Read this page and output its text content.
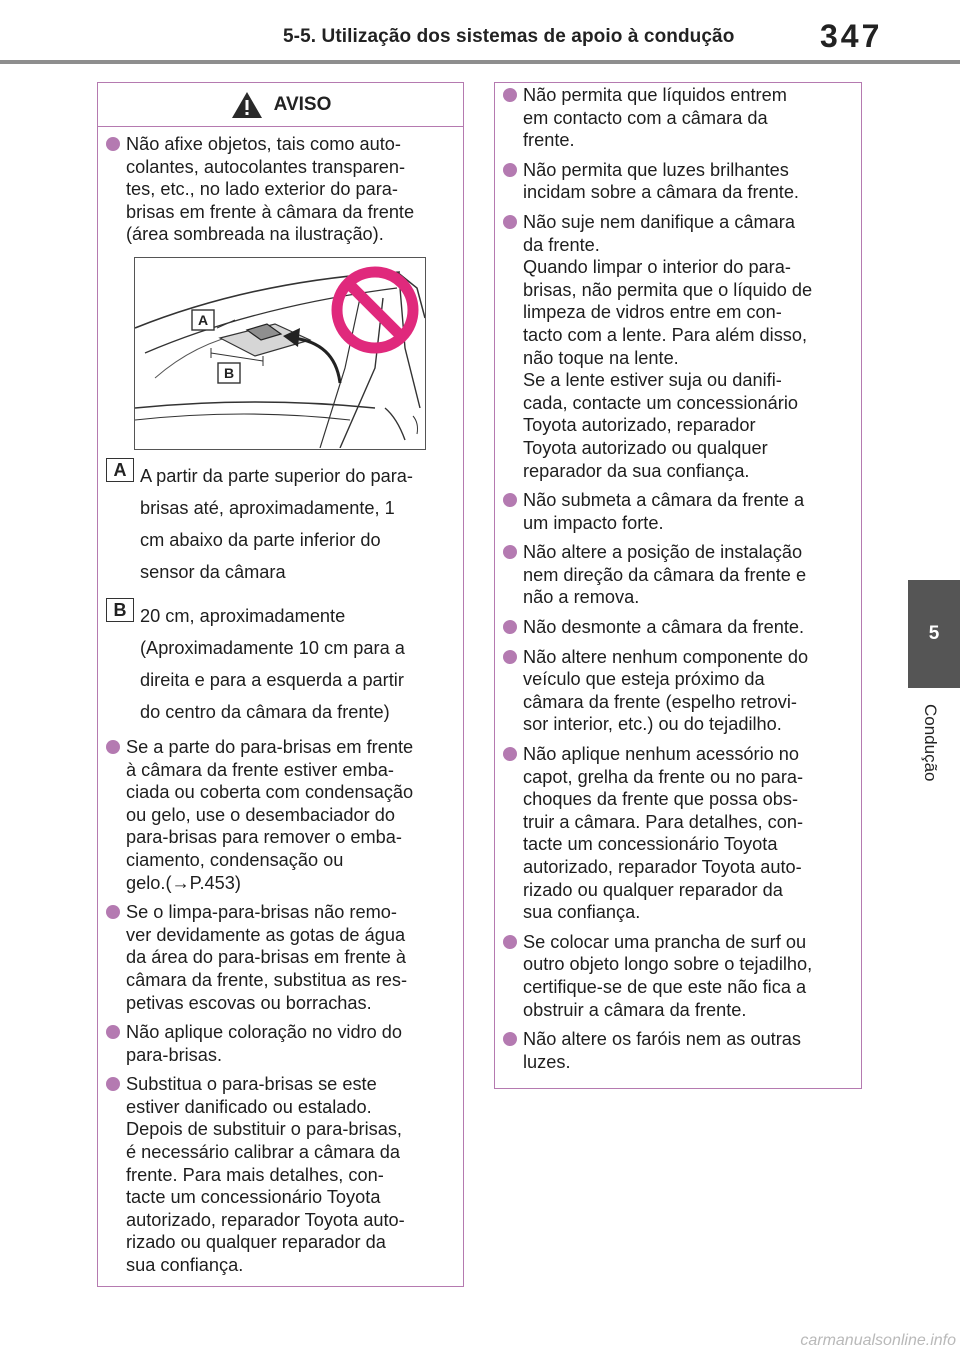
5-5. Utilização dos sistemas de apoio à condução	347
5
Condução
AVISO
Não afixe objetos, tais como auto-
colantes, autocolantes transparen-
tes, etc., no lado exterior do para-
brisas em frente à câmara da frente
(área sombreada na ilustração).
A
B
A A partir da parte superior do para-
brisas até, aproximadamente, 1
cm abaixo da parte inferior do
sensor da câmara
B 20 cm, aproximadamente
(Aproximadamente 10 cm para a
direita e para a esquerda a partir
do centro da câmara da frente)
Se a parte do para-brisas em frente
à câmara da frente estiver emba-
ciada ou coberta com condensação
ou gelo, use o desembaciador do
para-brisas para remover o emba-
ciamento, condensação ou
gelo.(→P.453)
Se o limpa-para-brisas não remo-
ver devidamente as gotas de água
da área do para-brisas em frente à
câmara da frente, substitua as res-
petivas escovas ou borrachas.
Não aplique coloração no vidro do
para-brisas.
Substitua o para-brisas se este
estiver danificado ou estalado.
Depois de substituir o para-brisas,
é necessário calibrar a câmara da
frente. Para mais detalhes, con-
tacte um concessionário Toyota
autorizado, reparador Toyota auto-
rizado ou qualquer reparador da
sua confiança.
Não permita que líquidos entrem
em contacto com a câmara da
frente.
Não permita que luzes brilhantes
incidam sobre a câmara da frente.
Não suje nem danifique a câmara
da frente.
Quando limpar o interior do para-
brisas, não permita que o líquido de
limpeza de vidros entre em con-
tacto com a lente. Para além disso,
não toque na lente.
Se a lente estiver suja ou danifi-
cada, contacte um concessionário
Toyota autorizado, reparador
Toyota autorizado ou qualquer
reparador da sua confiança.
Não submeta a câmara da frente a
um impacto forte.
Não altere a posição de instalação
nem direção da câmara da frente e
não a remova.
Não desmonte a câmara da frente.
Não altere nenhum componente do
veículo que esteja próximo da
câmara da frente (espelho retrovi-
sor interior, etc.) ou do tejadilho.
Não aplique nenhum acessório no
capot, grelha da frente ou no para-
choques da frente que possa obs-
truir a câmara. Para detalhes, con-
tacte um concessionário Toyota
autorizado, reparador Toyota auto-
rizado ou qualquer reparador da
sua confiança.
Se colocar uma prancha de surf ou
outro objeto longo sobre o tejadilho,
certifique-se de que este não fica a
obstruir a câmara da frente.
Não altere os faróis nem as outras
luzes.
carmanualsonline.info
